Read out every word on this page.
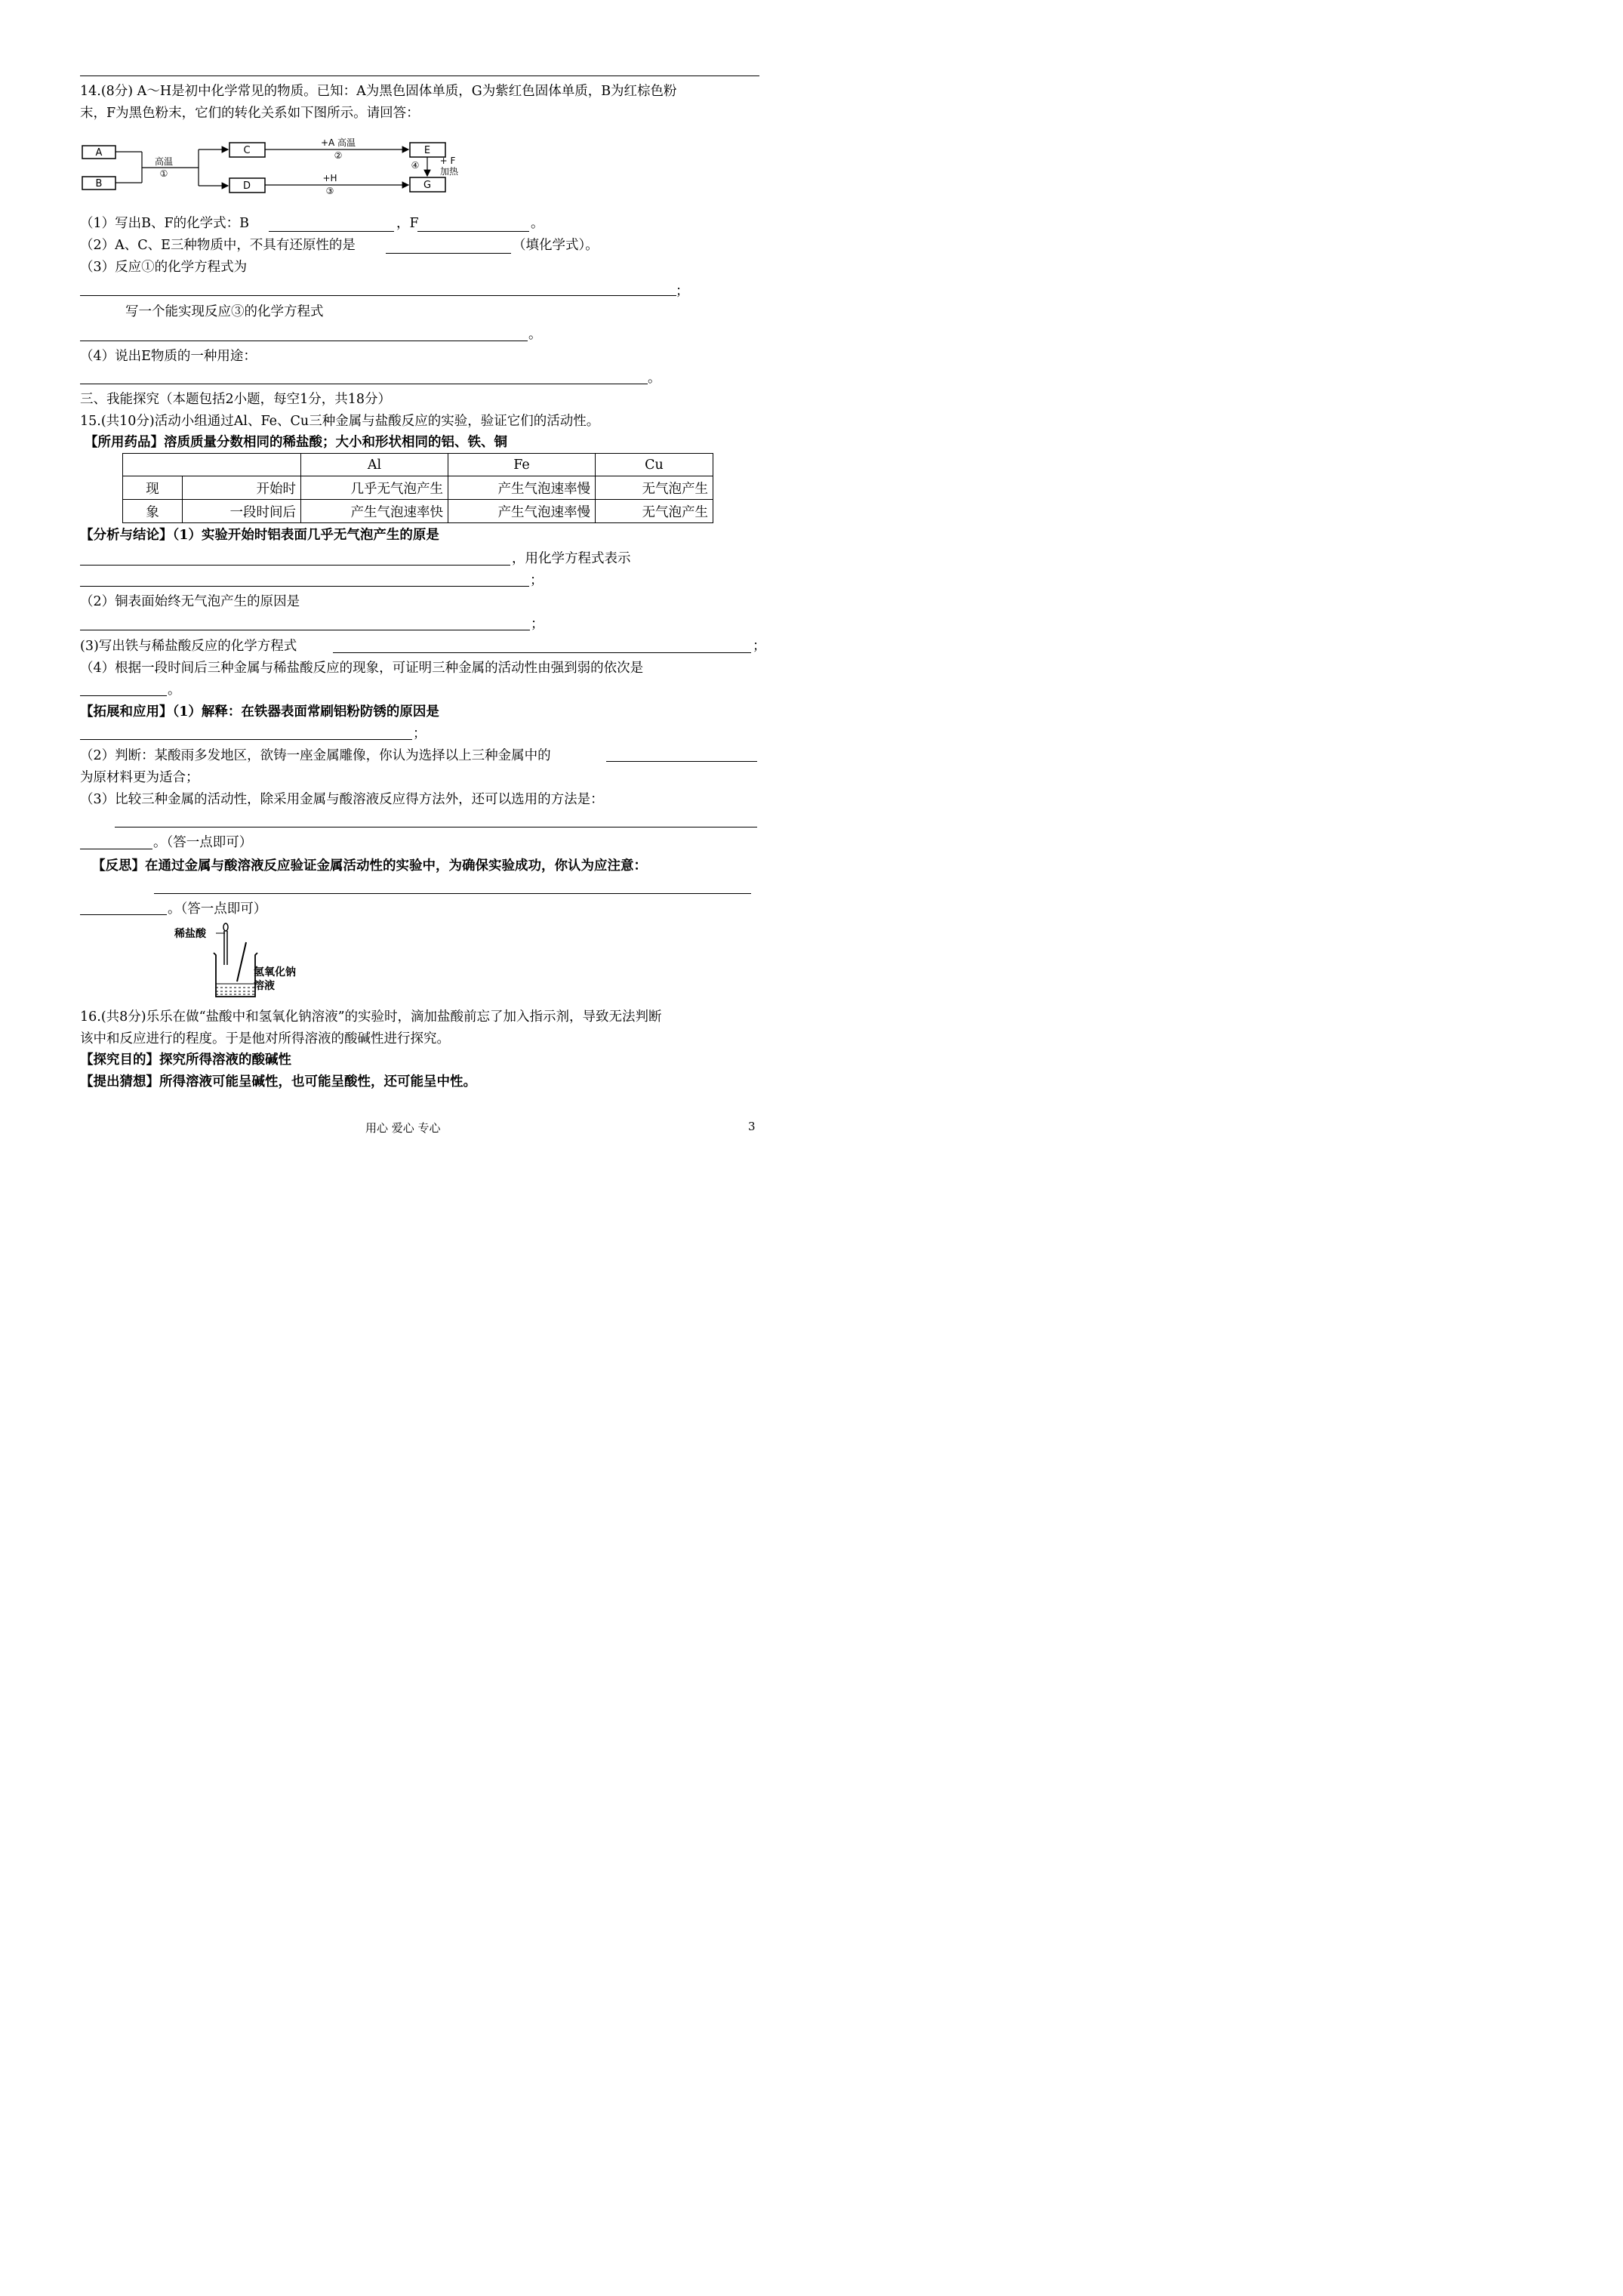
14.(8分) A～H是初中化学常见的物质。已知：A为黑色固体单质，G为紫红色固体单质，B为红棕色粉
末，F为黑色粉末，它们的转化关系如下图所示。请回答：
A
B
C
D
E
G
高温
①
+A 高温
②
+H
③
④ + F
加热
（1）写出B、F的化学式：B	，F	。
（2）A、C、E三种物质中，不具有还原性的是	（填化学式）。
（3）反应①的化学方程式为
；
写一个能实现反应③的化学方程式
。
（4）说出E物质的一种用途：
。
三、我能探究（本题包括2小题，每空1分，共18分）
15.(共10分)活动小组通过Al、Fe、Cu三种金属与盐酸反应的实验，验证它们的活动性。
【所用药品】溶质质量分数相同的稀盐酸；大小和形状相同的铝、铁、铜
		Al	Fe	Cu
现	开始时	几乎无气泡产生	产生气泡速率慢	无气泡产生
象	一段时间后	产生气泡速率快	产生气泡速率慢	无气泡产生
【分析与结论】（1）实验开始时铝表面几乎无气泡产生的原是
，用化学方程式表示
；
（2）铜表面始终无气泡产生的原因是
；
(3)写出铁与稀盐酸反应的化学方程式	；
（4）根据一段时间后三种金属与稀盐酸反应的现象，可证明三种金属的活动性由强到弱的依次是
。
【拓展和应用】（1）解释：在铁器表面常刷铝粉防锈的原因是
；
（2）判断：某酸雨多发地区，欲铸一座金属雕像，你认为选择以上三种金属中的
为原材料更为适合；
（3）比较三种金属的活动性，除采用金属与酸溶液反应得方法外，还可以选用的方法是：
。（答一点即可）
【反思】在通过金属与酸溶液反应验证金属活动性的实验中，为确保实验成功，你认为应注意：
。（答一点即可）
稀盐酸
氢氧化钠
溶液
16.(共8分)乐乐在做“盐酸中和氢氧化钠溶液”的实验时，滴加盐酸前忘了加入指示剂，导致无法判断
该中和反应进行的程度。于是他对所得溶液的酸碱性进行探究。
【探究目的】探究所得溶液的酸碱性
【提出猜想】所得溶液可能呈碱性，也可能呈酸性，还可能呈中性。
用心 爱心 专心	3
